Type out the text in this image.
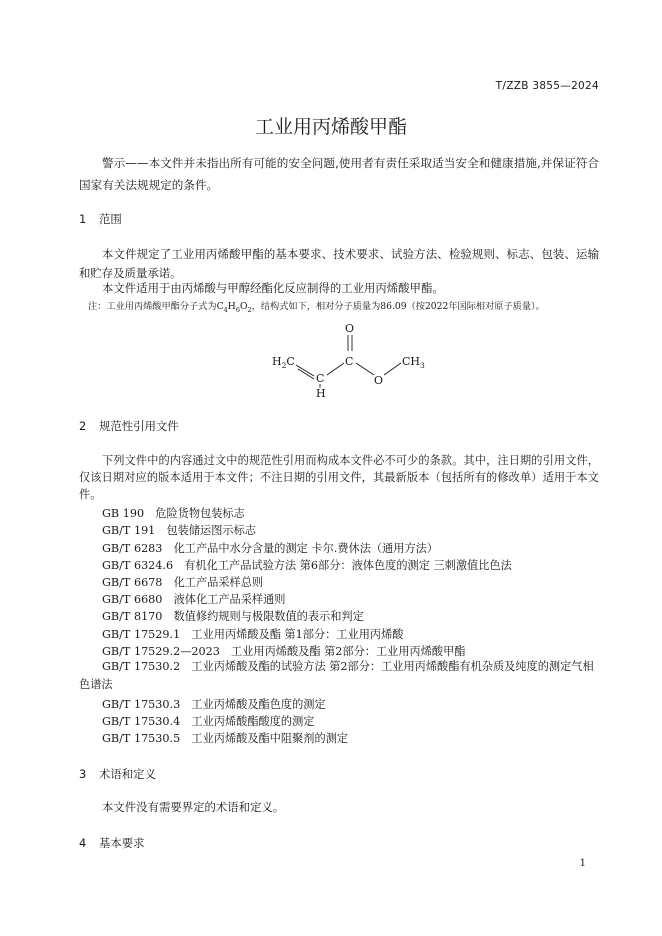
T/ZZB 3855—2024
工业用丙烯酸甲酯
警示——本文件并未指出所有可能的安全问题,使用者有责任采取适当安全和健康措施,并保证符合国家有关法规规定的条件。
1 范围
本文件规定了工业用丙烯酸甲酯的基本要求、技术要求、试验方法、检验规则、标志、包装、运输和贮存及质量承诺。
本文件适用于由丙烯酸与甲醇经酯化反应制得的工业用丙烯酸甲酯。
注：工业用丙烯酸甲酯分子式为$C_4H_6O_2$，结构式如下，相对分子质量为86.09（按2022年国际相对原子质量）。
O
$H_2C$
C
C
O
$CH_3$
H
2 规范性引用文件
下列文件中的内容通过文中的规范性引用而构成本文件必不可少的条款。其中，注日期的引用文件，仅该日期对应的版本适用于本文件；不注日期的引用文件，其最新版本（包括所有的修改单）适用于本文件。
GB 190　危险货物包装标志
GB/T 191　包装储运图示标志
GB/T 6283　化工产品中水分含量的测定 卡尔.费休法（通用方法）
GB/T 6324.6　有机化工产品试验方法 第6部分：液体色度的测定 三刺激值比色法
GB/T 6678　化工产品采样总则
GB/T 6680　液体化工产品采样通则
GB/T 8170　数值修约规则与极限数值的表示和判定
GB/T 17529.1　工业用丙烯酸及酯 第1部分：工业用丙烯酸
GB/T 17529.2—2023　工业用丙烯酸及酯 第2部分：工业用丙烯酸甲酯
GB/T 17530.2　工业丙烯酸及酯的试验方法 第2部分：工业用丙烯酸酯有机杂质及纯度的测定气相色谱法
GB/T 17530.3　工业丙烯酸及酯色度的测定
GB/T 17530.4　工业丙烯酸酯酸度的测定
GB/T 17530.5　工业丙烯酸及酯中阻聚剂的测定
3 术语和定义
本文件没有需要界定的术语和定义。
4 基本要求
1
